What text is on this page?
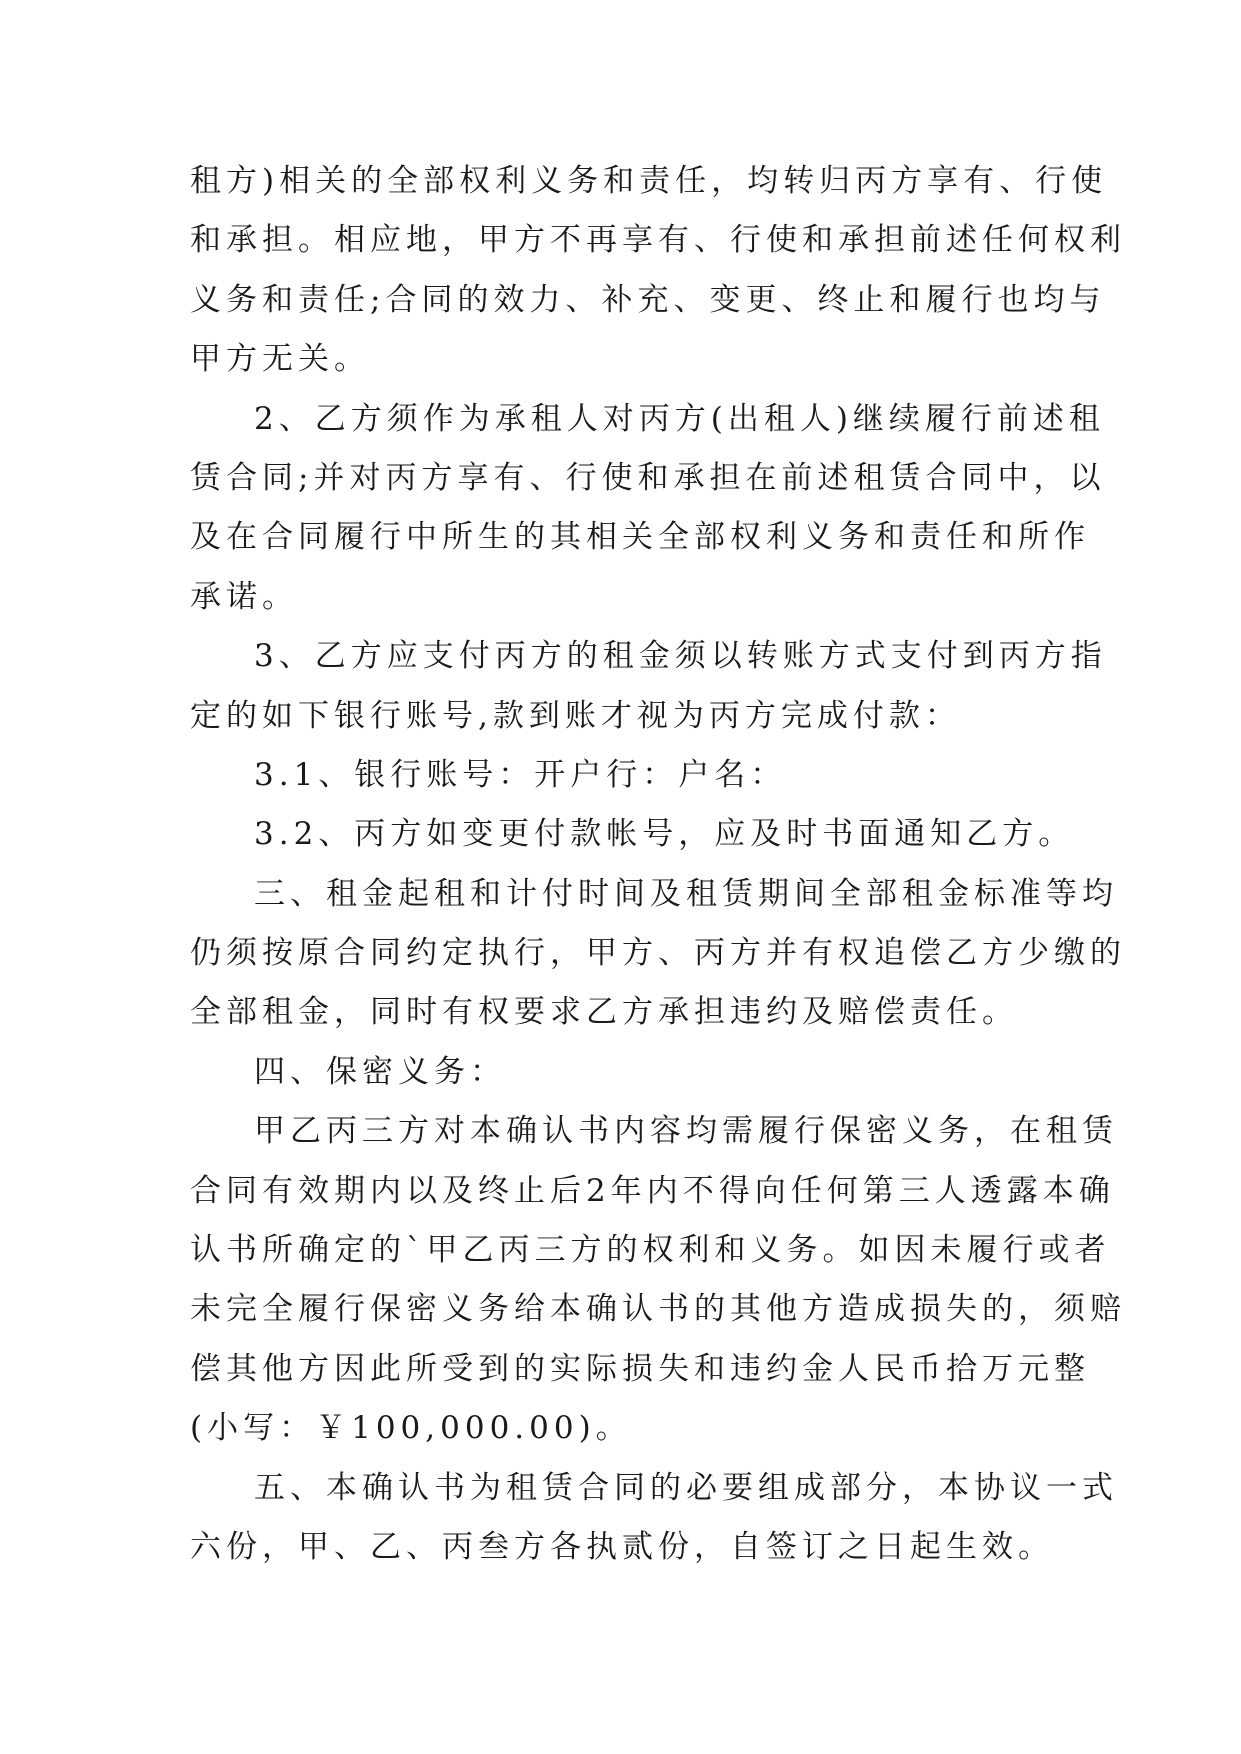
租方)相关的全部权利义务和责任，均转归丙方享有、行使
和承担。相应地，甲方不再享有、行使和承担前述任何权利
义务和责任;合同的效力、补充、变更、终止和履行也均与
甲方无关。
2、乙方须作为承租人对丙方(出租人)继续履行前述租
赁合同;并对丙方享有、行使和承担在前述租赁合同中，以
及在合同履行中所生的其相关全部权利义务和责任和所作
承诺。
3、乙方应支付丙方的租金须以转账方式支付到丙方指
定的如下银行账号,款到账才视为丙方完成付款：
3.1、银行账号：开户行：户名：
3.2、丙方如变更付款帐号，应及时书面通知乙方。
三、租金起租和计付时间及租赁期间全部租金标准等均
仍须按原合同约定执行，甲方、丙方并有权追偿乙方少缴的
全部租金，同时有权要求乙方承担违约及赔偿责任。
四、保密义务：
甲乙丙三方对本确认书内容均需履行保密义务，在租赁
合同有效期内以及终止后2年内不得向任何第三人透露本确
认书所确定的`甲乙丙三方的权利和义务。如因未履行或者
未完全履行保密义务给本确认书的其他方造成损失的，须赔
偿其他方因此所受到的实际损失和违约金人民币拾万元整
(小写：￥100,000.00)。
五、本确认书为租赁合同的必要组成部分，本协议一式
六份，甲、乙、丙叁方各执贰份，自签订之日起生效。
